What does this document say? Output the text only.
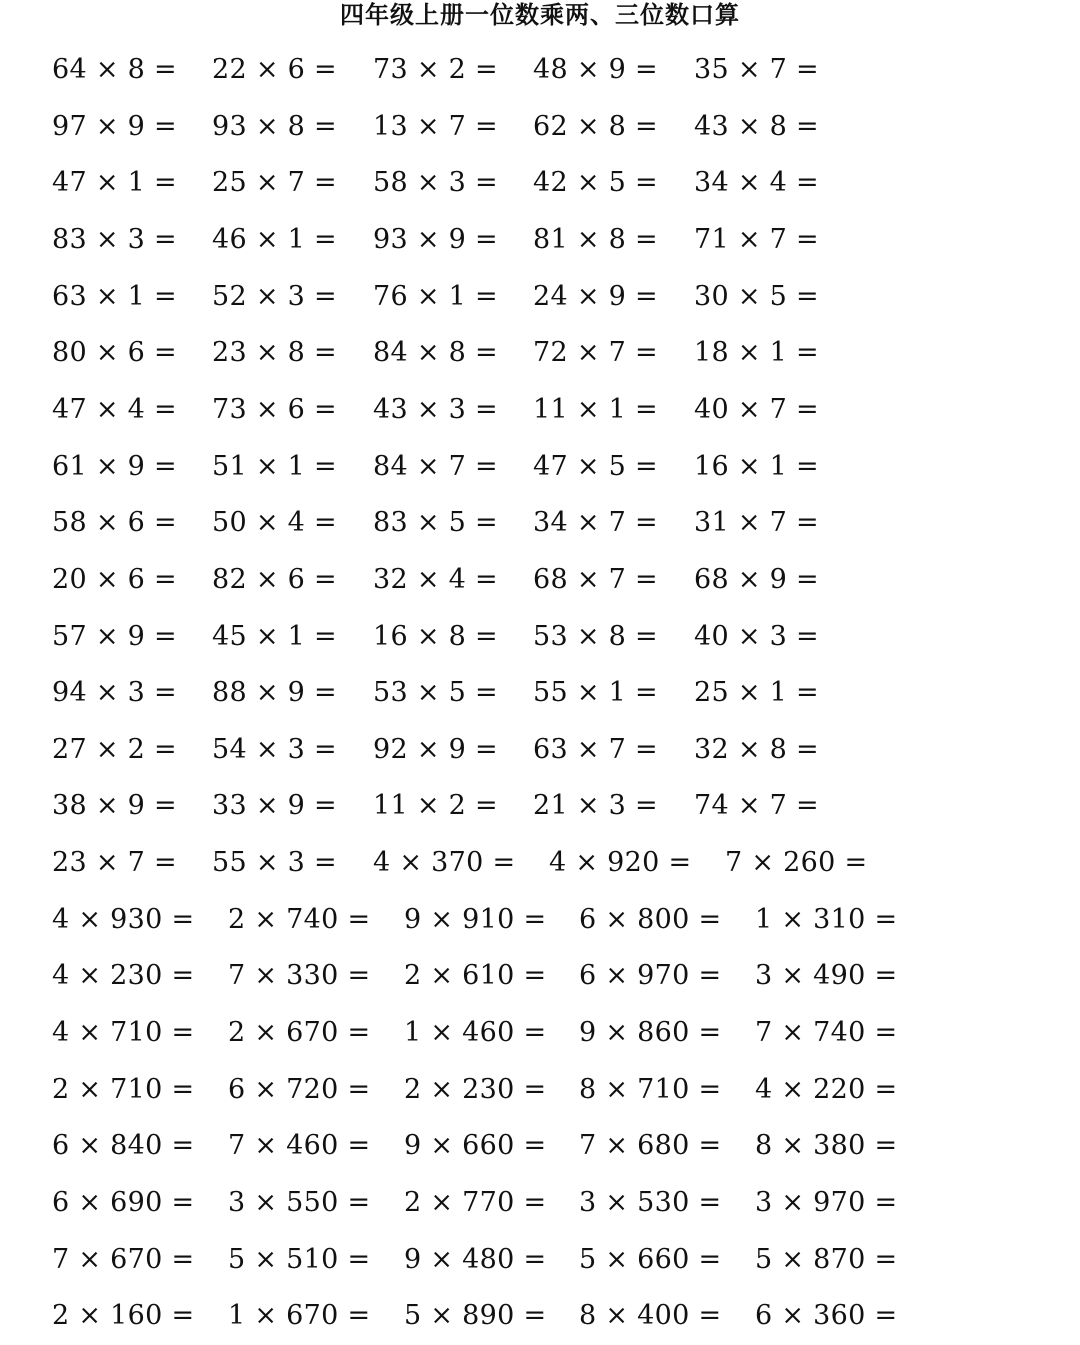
四年级上册一位数乘两、三位数口算
64 × 8 = 22 × 6 = 73 × 2 = 48 × 9 = 35 × 7 =
97 × 9 = 93 × 8 = 13 × 7 = 62 × 8 = 43 × 8 =
47 × 1 = 25 × 7 = 58 × 3 = 42 × 5 = 34 × 4 =
83 × 3 = 46 × 1 = 93 × 9 = 81 × 8 = 71 × 7 =
63 × 1 = 52 × 3 = 76 × 1 = 24 × 9 = 30 × 5 =
80 × 6 = 23 × 8 = 84 × 8 = 72 × 7 = 18 × 1 =
47 × 4 = 73 × 6 = 43 × 3 = 11 × 1 = 40 × 7 =
61 × 9 = 51 × 1 = 84 × 7 = 47 × 5 = 16 × 1 =
58 × 6 = 50 × 4 = 83 × 5 = 34 × 7 = 31 × 7 =
20 × 6 = 82 × 6 = 32 × 4 = 68 × 7 = 68 × 9 =
57 × 9 = 45 × 1 = 16 × 8 = 53 × 8 = 40 × 3 =
94 × 3 = 88 × 9 = 53 × 5 = 55 × 1 = 25 × 1 =
27 × 2 = 54 × 3 = 92 × 9 = 63 × 7 = 32 × 8 =
38 × 9 = 33 × 9 = 11 × 2 = 21 × 3 = 74 × 7 =
23 × 7 = 55 × 3 = 4 × 370 = 4 × 920 = 7 × 260 =
4 × 930 = 2 × 740 = 9 × 910 = 6 × 800 = 1 × 310 =
4 × 230 = 7 × 330 = 2 × 610 = 6 × 970 = 3 × 490 =
4 × 710 = 2 × 670 = 1 × 460 = 9 × 860 = 7 × 740 =
2 × 710 = 6 × 720 = 2 × 230 = 8 × 710 = 4 × 220 =
6 × 840 = 7 × 460 = 9 × 660 = 7 × 680 = 8 × 380 =
6 × 690 = 3 × 550 = 2 × 770 = 3 × 530 = 3 × 970 =
7 × 670 = 5 × 510 = 9 × 480 = 5 × 660 = 5 × 870 =
2 × 160 = 1 × 670 = 5 × 890 = 8 × 400 = 6 × 360 =
